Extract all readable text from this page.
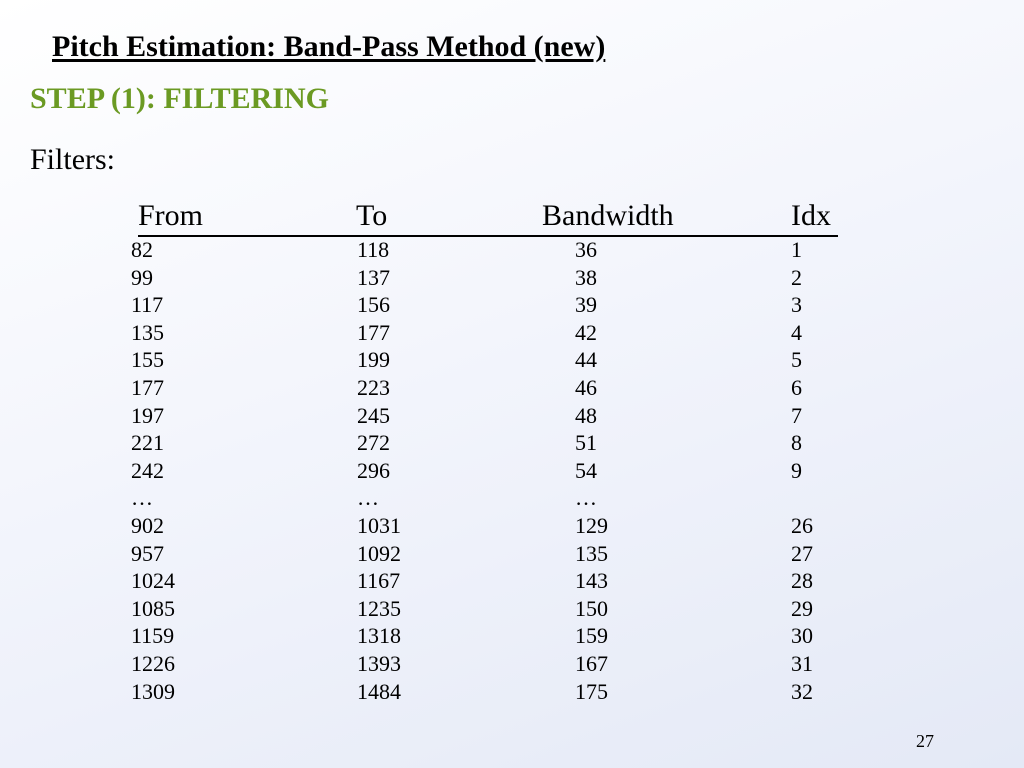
Pitch Estimation: Band-Pass Method (new)
STEP (1): FILTERING
Filters:
From	To	Bandwidth	Idx
82	118	36	1
99	137	38	2
117	156	39	3
135	177	42	4
155	199	44	5
177	223	46	6
197	245	48	7
221	272	51	8
242	296	54	9
…	…	…
902	1031	129	26
957	1092	135	27
1024	1167	143	28
1085	1235	150	29
1159	1318	159	30
1226	1393	167	31
1309	1484	175	32
27
